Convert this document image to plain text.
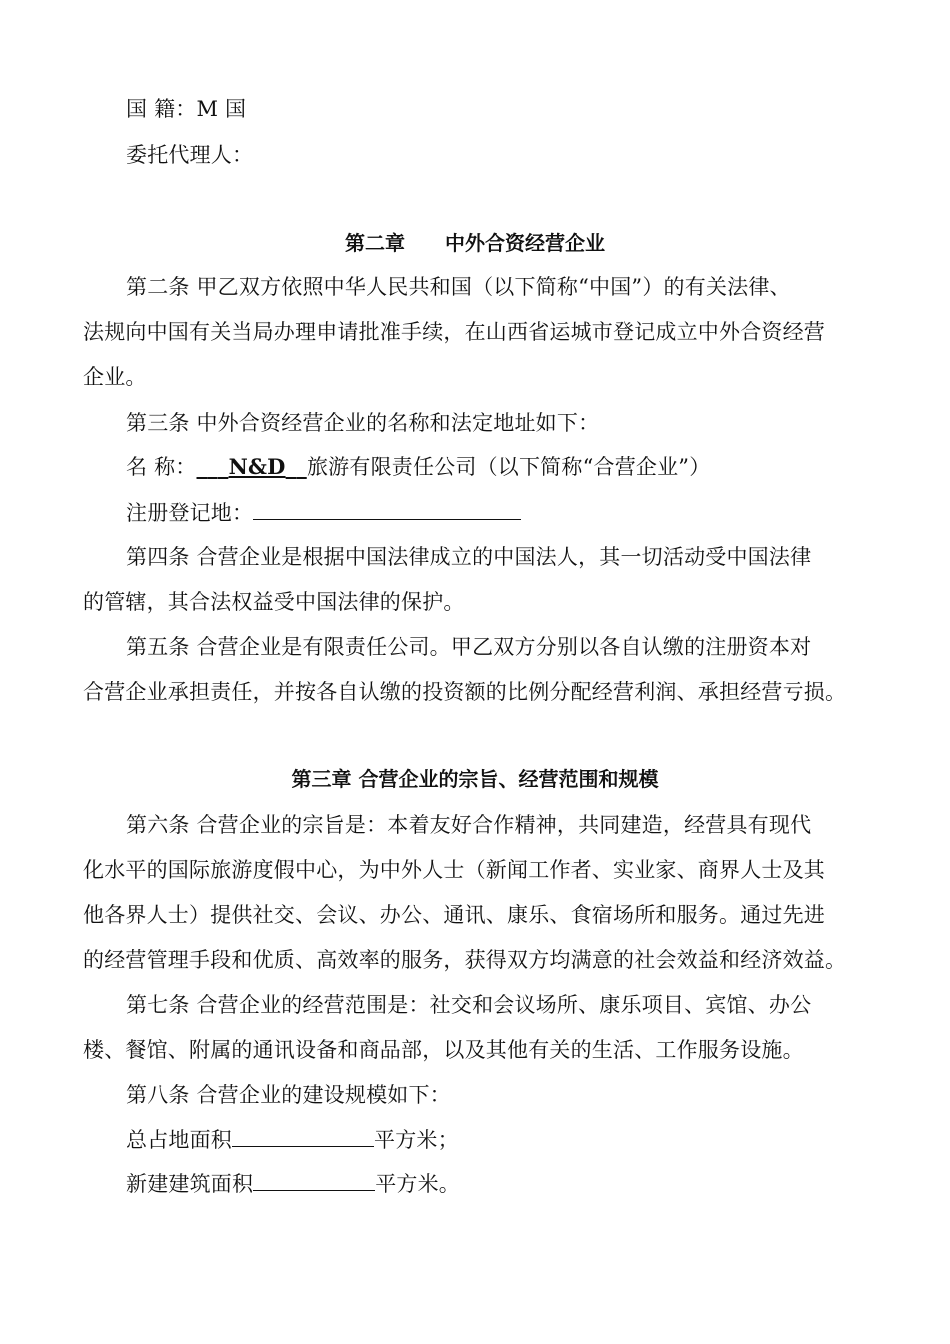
国 籍：M 国
委托代理人：
第二章 中外合资经营企业
第二条 甲乙双方依照中华人民共和国（以下简称“中国”）的有关法律、
法规向中国有关当局办理申请批准手续，在山西省运城市登记成立中外合资经营
企业。
第三条 中外合资经营企业的名称和法定地址如下：
名 称：___N&D__旅游有限责任公司（以下简称“合营企业”）
注册登记地：
第四条 合营企业是根据中国法律成立的中国法人，其一切活动受中国法律
的管辖，其合法权益受中国法律的保护。
第五条 合营企业是有限责任公司。甲乙双方分别以各自认缴的注册资本对
合营企业承担责任，并按各自认缴的投资额的比例分配经营利润、承担经营亏损。
第三章 合营企业的宗旨、经营范围和规模
第六条 合营企业的宗旨是：本着友好合作精神，共同建造，经营具有现代
化水平的国际旅游度假中心，为中外人士（新闻工作者、实业家、商界人士及其
他各界人士）提供社交、会议、办公、通讯、康乐、食宿场所和服务。通过先进
的经营管理手段和优质、高效率的服务，获得双方均满意的社会效益和经济效益。
第七条 合营企业的经营范围是：社交和会议场所、康乐项目、宾馆、办公
楼、餐馆、附属的通讯设备和商品部，以及其他有关的生活、工作服务设施。
第八条 合营企业的建设规模如下：
总占地面积	平方米；
新建建筑面积	平方米。
